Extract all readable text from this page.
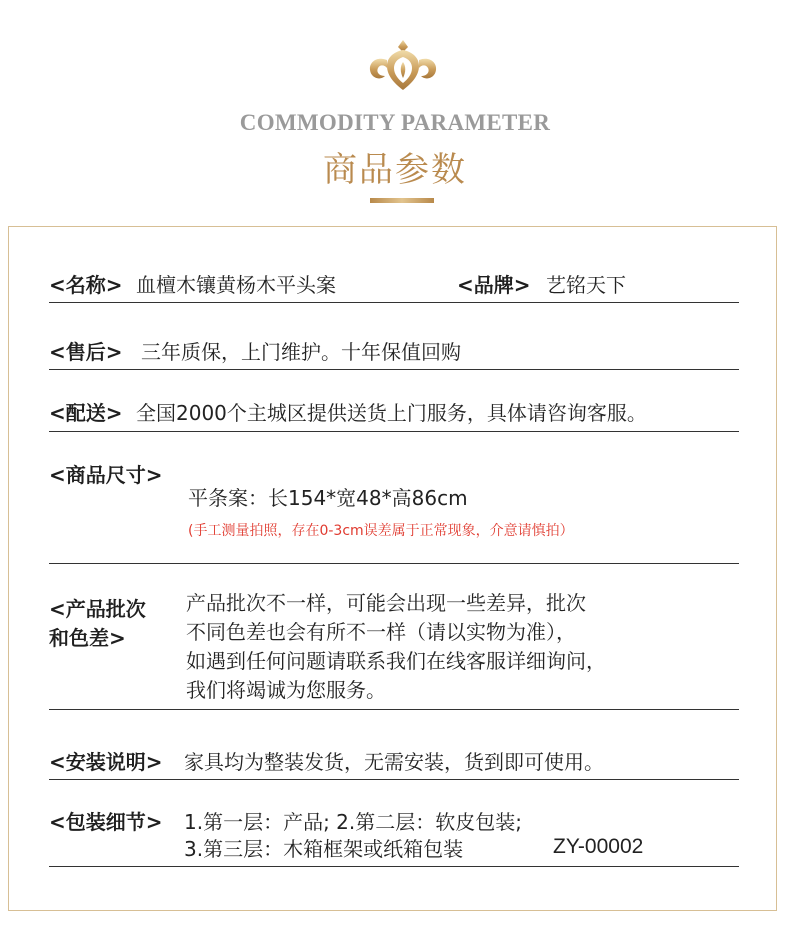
COMMODITY PARAMETER
商品参数
<名称> 血檀木镶黄杨木平头案	<品牌> 艺铭天下
<售后> 三年质保，上门维护。十年保值回购
<配送> 全国2000个主城区提供送货上门服务，具体请咨询客服。
<商品尺寸>
平条案：长154*宽48*高86cm
(手工测量拍照，存在0-3cm误差属于正常现象，介意请慎拍）
<产品批次
和色差>
产品批次不一样，可能会出现一些差异，批次
不同色差也会有所不一样（请以实物为准），
如遇到任何问题请联系我们在线客服详细询问，
我们将竭诚为您服务。
<安装说明> 家具均为整装发货，无需安装，货到即可使用。
<包装细节> 1.第一层：产品; 2.第二层：软皮包装;
3.第三层：木箱框架或纸箱包装	ZY-00002
